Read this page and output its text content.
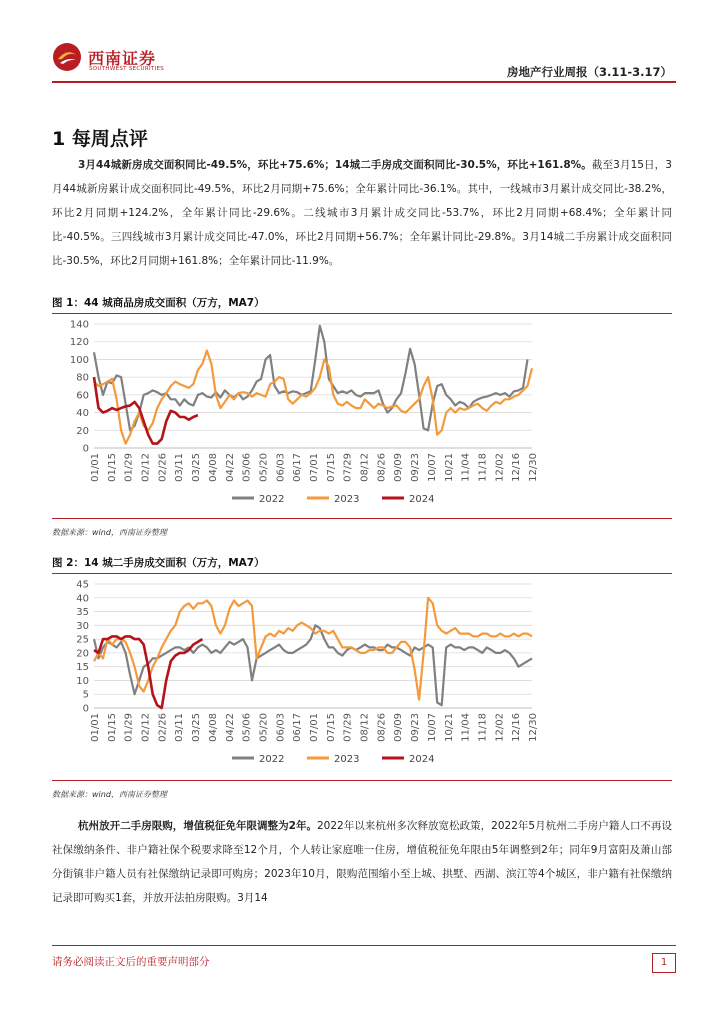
西南证券
SOUTHWEST SECURITIES	房地产行业周报（3.11-3.17）
1 每周点评
3月44城新房成交面积同比-49.5%，环比+75.6%；14城二手房成交面积同比-30.5%，环比+161.8%。截至3月15日，3月44城新房累计成交面积同比-49.5%，环比2月同期+75.6%；全年累计同比-36.1%。其中，一线城市3月累计成交同比-38.2%，环比2月同期+124.2%，全年累计同比-29.6%。二线城市3月累计成交同比-53.7%，环比2月同期+68.4%；全年累计同比-40.5%。三四线城市3月累计成交同比-47.0%，环比2月同期+56.7%；全年累计同比-29.8%。3月14城二手房累计成交面积同比-30.5%，环比2月同期+161.8%；全年累计同比-11.9%。
图 1：44 城商品房成交面积（万方，MA7）
0
20
40
60
80
100
120
140
01/01 01/15 01/29 02/12 02/26 03/11 03/25 04/08 04/22 05/06 05/20 06/03 06/17 07/01 07/15 07/29 08/12 08/26 09/09 09/23 10/07 10/21 11/04 11/18 12/02 12/16 12/30
2022	2023	2024
数据来源：wind，西南证券整理
图 2：14 城二手房成交面积（万方，MA7）
0
5
10
15
20
25
30
35
40
45
01/01 01/15 01/29 02/12 02/26 03/11 03/25 04/08 04/22 05/06 05/20 06/03 06/17 07/01 07/15 07/29 08/12 08/26 09/09 09/23 10/07 10/21 11/04 11/18 12/02 12/16 12/30
2022	2023	2024
数据来源：wind，西南证券整理
杭州放开二手房限购，增值税征免年限调整为2年。2022年以来杭州多次释放宽松政策，2022年5月杭州二手房户籍人口不再设社保缴纳条件、非户籍社保个税要求降至12个月，个人转让家庭唯一住房，增值税征免年限由5年调整到2年；同年9月富阳及萧山部分街镇非户籍人员有社保缴纳记录即可购房；2023年10月，限购范围缩小至上城、拱墅、西湖、滨江等4个城区，非户籍有社保缴纳记录即可购买1套，并放开法拍房限购。3月14
请务必阅读正文后的重要声明部分	1
